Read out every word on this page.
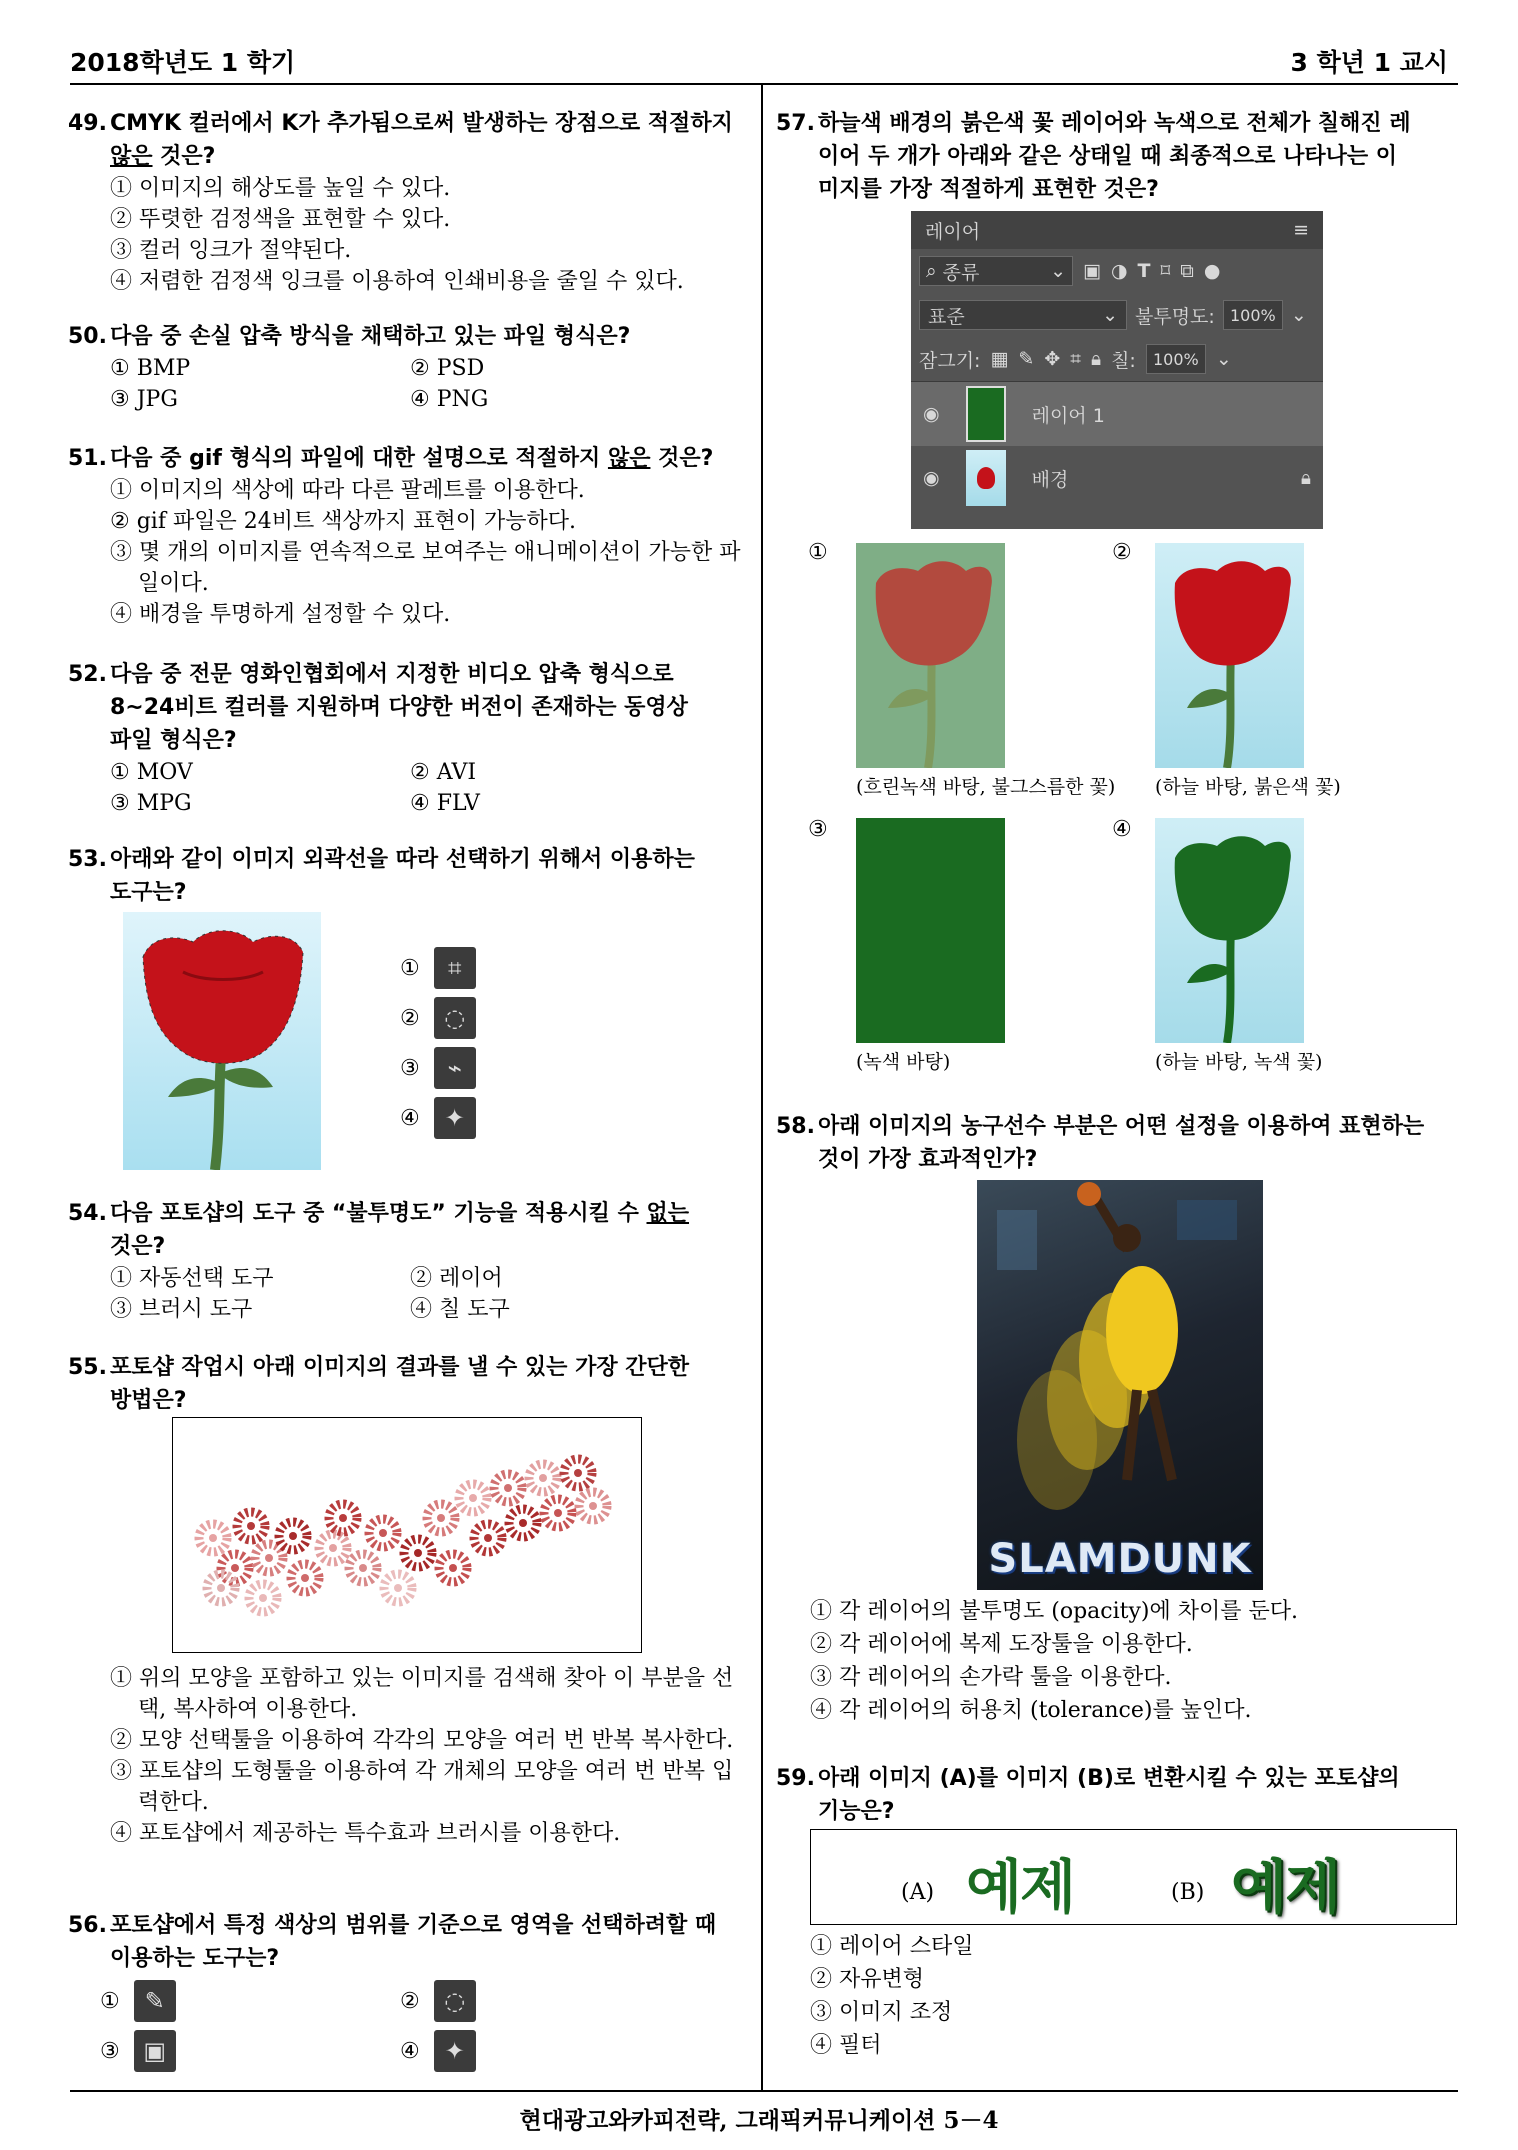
2018학년도 1 학기	3 학년 1 교시
현대광고와카피전략, 그래픽커뮤니케이션 5－4
49. CMYK 컬러에서 K가 추가됨으로써 발생하는 장점으로 적절하지
않은 것은?
① 이미지의 해상도를 높일 수 있다.
② 뚜렷한 검정색을 표현할 수 있다.
③ 컬러 잉크가 절약된다.
④ 저렴한 검정색 잉크를 이용하여 인쇄비용을 줄일 수 있다.
50. 다음 중 손실 압축 방식을 채택하고 있는 파일 형식은?
① BMP	② PSD
③ JPG	④ PNG
51. 다음 중 gif 형식의 파일에 대한 설명으로 적절하지 않은 것은?
① 이미지의 색상에 따라 다른 팔레트를 이용한다.
② gif 파일은 24비트 색상까지 표현이 가능하다.
③ 몇 개의 이미지를 연속적으로 보여주는 애니메이션이 가능한 파일이다.
④ 배경을 투명하게 설정할 수 있다.
52. 다음 중 전문 영화인협회에서 지정한 비디오 압축 형식으로
8~24비트 컬러를 지원하며 다양한 버전이 존재하는 동영상
파일 형식은?
① MOV	② AVI
③ MPG	④ FLV
53. 아래와 같이 이미지 외곽선을 따라 선택하기 위해서 이용하는
도구는?
①	⌗
②	◌
③	⌁
④	✦
54. 다음 포토샵의 도구 중 “불투명도” 기능을 적용시킬 수 없는
것은?
① 자동선택 도구	② 레이어
③ 브러시 도구	④ 칠 도구
55. 포토샵 작업시 아래 이미지의 결과를 낼 수 있는 가장 간단한
방법은?
① 위의 모양을 포함하고 있는 이미지를 검색해 찾아 이 부분을 선택, 복사하여 이용한다.
② 모양 선택툴을 이용하여 각각의 모양을 여러 번 반복 복사한다.
③ 포토샵의 도형툴을 이용하여 각 개체의 모양을 여러 번 반복 입력한다.
④ 포토샵에서 제공하는 특수효과 브러시를 이용한다.
56. 포토샵에서 특정 색상의 범위를 기준으로 영역을 선택하려할 때
이용하는 도구는?
①	✎	②	◌
③ ▣	④	✦
57. 하늘색 배경의 붉은색 꽃 레이어와 녹색으로 전체가 칠해진 레
이어 두 개가 아래와 같은 상태일 때 최종적으로 나타나는 이
미지를 가장 적절하게 표현한 것은?
레이어	≡
⌕ 종류	⌄ ▣ ◑ T ⌑ ⧉ ●
표준	⌄ 불투명도: 100% ⌄
잠그기: ▦ ✎ ✥ ⌗ 🔒︎ 칠:	100% ⌄
◉	레이어 1
◉	배경	🔒︎
①	②
③	④
(흐린녹색 바탕, 불그스름한 꽃) (하늘 바탕, 붉은색 꽃)
(녹색 바탕)	(하늘 바탕, 녹색 꽃)
58. 아래 이미지의 농구선수 부분은 어떤 설정을 이용하여 표현하는
것이 가장 효과적인가?
SLAMDUNK
① 각 레이어의 불투명도 (opacity)에 차이를 둔다.
② 각 레이어에 복제 도장툴을 이용한다.
③ 각 레이어의 손가락 툴을 이용한다.
④ 각 레이어의 허용치 (tolerance)를 높인다.
59. 아래 이미지 (A)를 이미지 (B)로 변환시킬 수 있는 포토샵의
기능은?
(A) 예제	(B) 예제
① 레이어 스타일
② 자유변형
③ 이미지 조정
④ 필터
